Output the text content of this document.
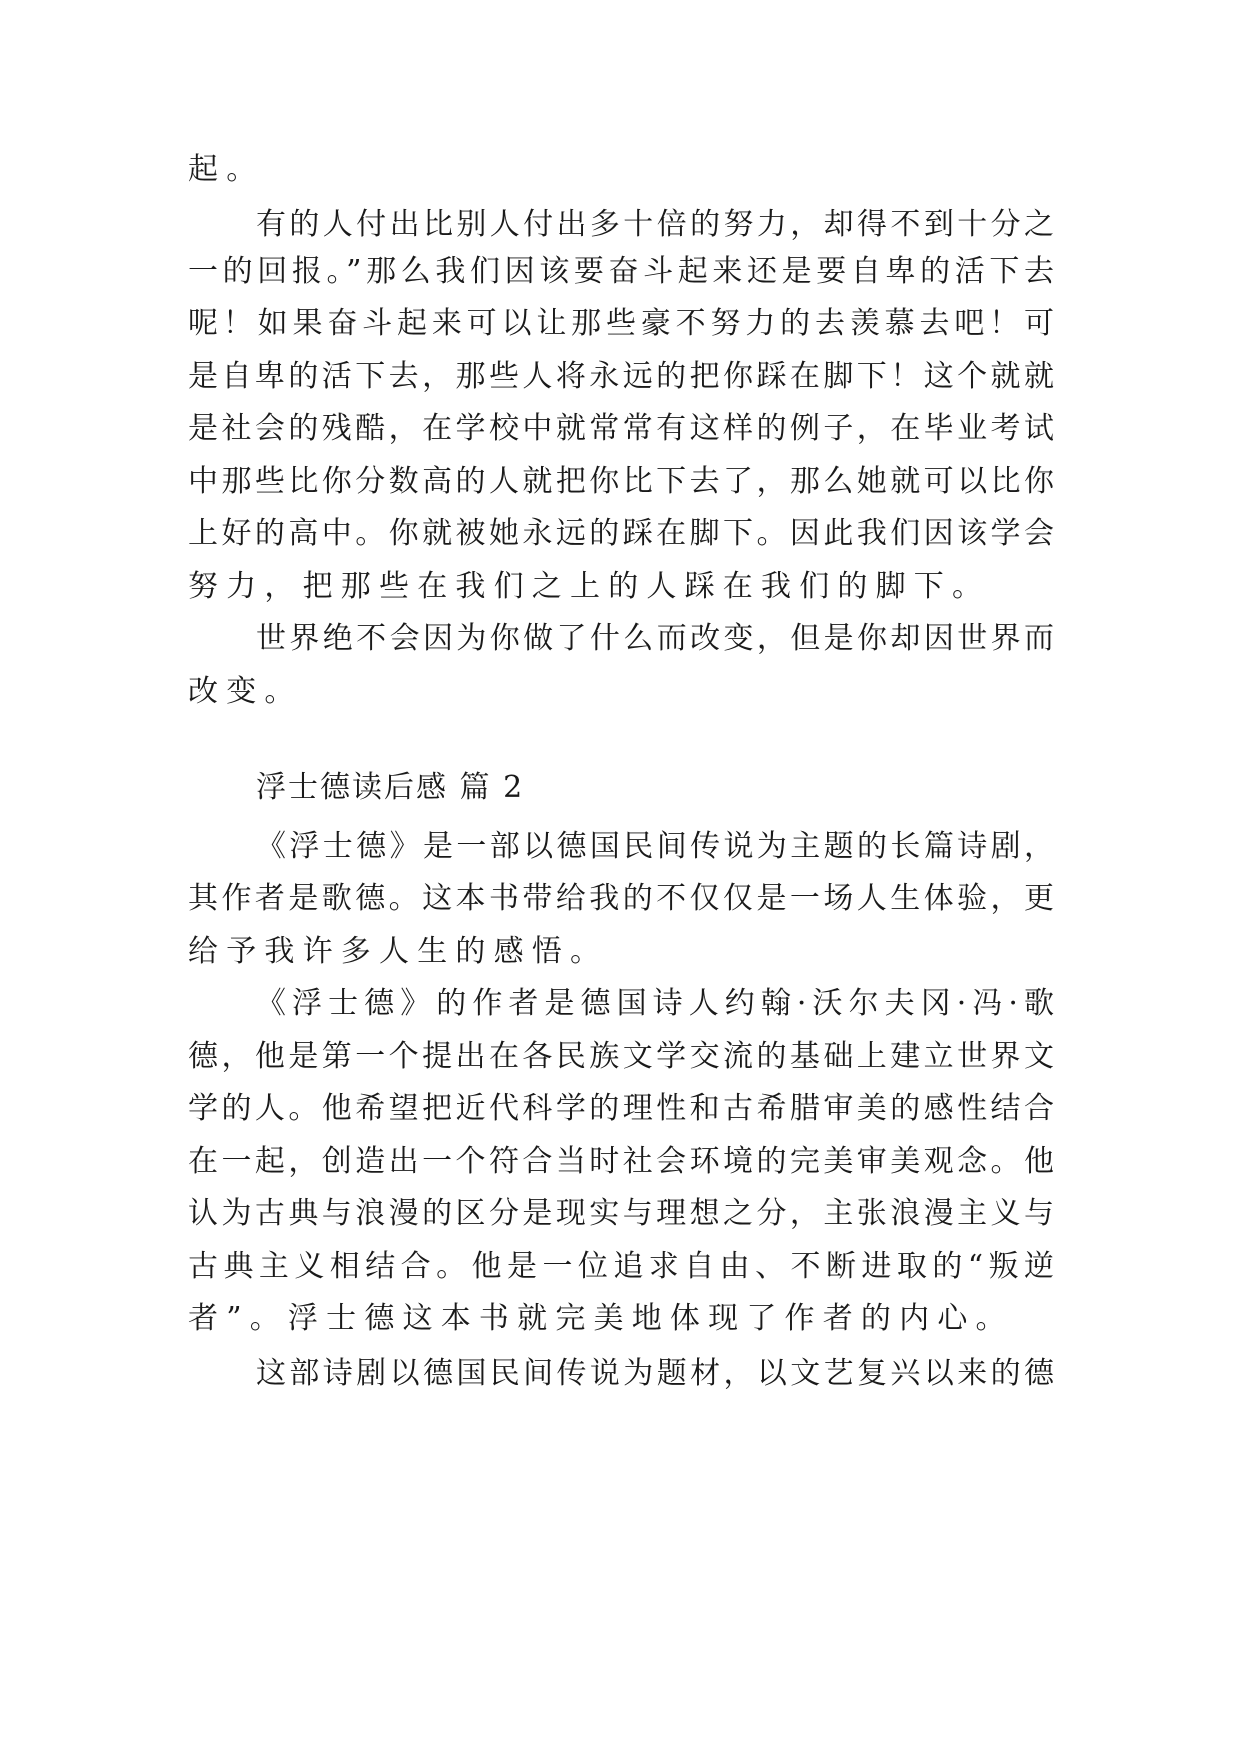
起。
有的人付出比别人付出多十倍的努力，却得不到十分之
一的回报。”那么我们因该要奋斗起来还是要自卑的活下去
呢！如果奋斗起来可以让那些豪不努力的去羡慕去吧！可
是自卑的活下去，那些人将永远的把你踩在脚下！这个就就
是社会的残酷，在学校中就常常有这样的例子，在毕业考试
中那些比你分数高的人就把你比下去了，那么她就可以比你
上好的高中。你就被她永远的踩在脚下。因此我们因该学会
努力，把那些在我们之上的人踩在我们的脚下。
世界绝不会因为你做了什么而改变，但是你却因世界而
改变。
浮士德读后感 篇 2
《浮士德》是一部以德国民间传说为主题的长篇诗剧，
其作者是歌德。这本书带给我的不仅仅是一场人生体验，更
给予我许多人生的感悟。
《浮士德》的作者是德国诗人约翰·沃尔夫冈·冯·歌
德，他是第一个提出在各民族文学交流的基础上建立世界文
学的人。他希望把近代科学的理性和古希腊审美的感性结合
在一起，创造出一个符合当时社会环境的完美审美观念。他
认为古典与浪漫的区分是现实与理想之分，主张浪漫主义与
古典主义相结合。他是一位追求自由、不断进取的“叛逆
者”。浮士德这本书就完美地体现了作者的内心。
这部诗剧以德国民间传说为题材，以文艺复兴以来的德
